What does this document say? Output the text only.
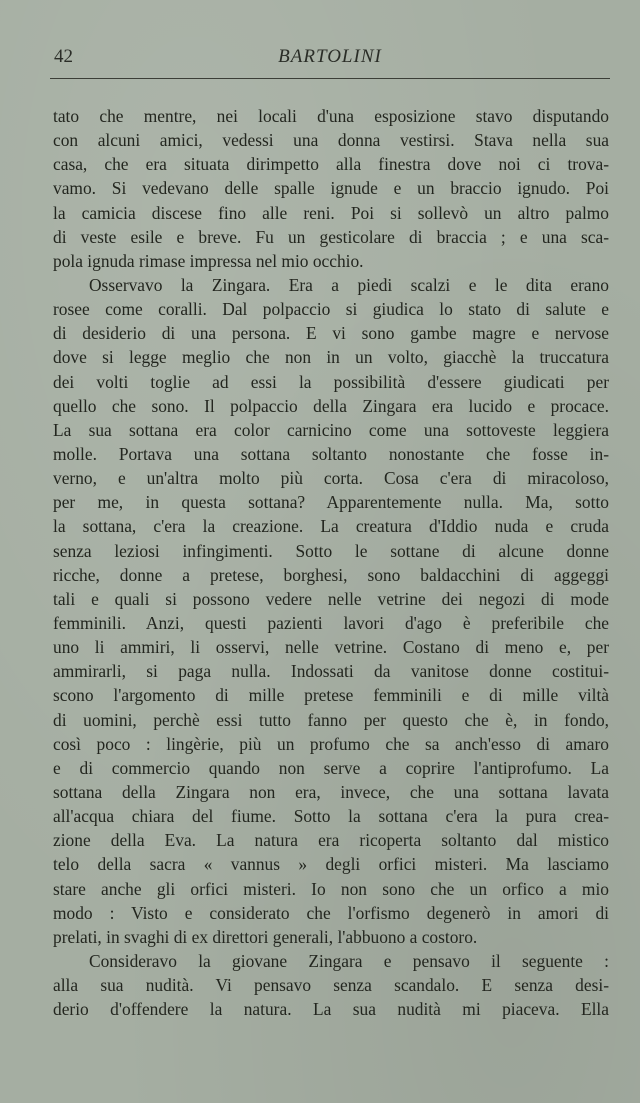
42	BARTOLINI
tato che mentre, nei locali d'una esposizione stavo disputando
con alcuni amici, vedessi una donna vestirsi. Stava nella sua
casa, che era situata dirimpetto alla finestra dove noi ci trova-
vamo. Si vedevano delle spalle ignude e un braccio ignudo. Poi
la camicia discese fino alle reni. Poi si sollevò un altro palmo
di veste esile e breve. Fu un gesticolare di braccia ; e una sca-
pola ignuda rimase impressa nel mio occhio.
Osservavo la Zingara. Era a piedi scalzi e le dita erano
rosee come coralli. Dal polpaccio si giudica lo stato di salute e
di desiderio di una persona. E vi sono gambe magre e nervose
dove si legge meglio che non in un volto, giacchè la truccatura
dei volti toglie ad essi la possibilità d'essere giudicati per
quello che sono. Il polpaccio della Zingara era lucido e procace.
La sua sottana era color carnicino come una sottoveste leggiera
molle. Portava una sottana soltanto nonostante che fosse in-
verno, e un'altra molto più corta. Cosa c'era di miracoloso,
per me, in questa sottana? Apparentemente nulla. Ma, sotto
la sottana, c'era la creazione. La creatura d'Iddio nuda e cruda
senza leziosi infingimenti. Sotto le sottane di alcune donne
ricche, donne a pretese, borghesi, sono baldacchini di aggeggi
tali e quali si possono vedere nelle vetrine dei negozi di mode
femminili. Anzi, questi pazienti lavori d'ago è preferibile che
uno li ammiri, li osservi, nelle vetrine. Costano di meno e, per
ammirarli, si paga nulla. Indossati da vanitose donne costitui-
scono l'argomento di mille pretese femminili e di mille viltà
di uomini, perchè essi tutto fanno per questo che è, in fondo,
così poco : lingèrie, più un profumo che sa anch'esso di amaro
e di commercio quando non serve a coprire l'antiprofumo. La
sottana della Zingara non era, invece, che una sottana lavata
all'acqua chiara del fiume. Sotto la sottana c'era la pura crea-
zione della Eva. La natura era ricoperta soltanto dal mistico
telo della sacra « vannus » degli orfici misteri. Ma lasciamo
stare anche gli orfici misteri. Io non sono che un orfico a mio
modo : Visto e considerato che l'orfismo degenerò in amori di
prelati, in svaghi di ex direttori generali, l'abbuono a costoro.
Consideravo la giovane Zingara e pensavo il seguente :
alla sua nudità. Vi pensavo senza scandalo. E senza desi-
derio d'offendere la natura. La sua nudità mi piaceva. Ella
